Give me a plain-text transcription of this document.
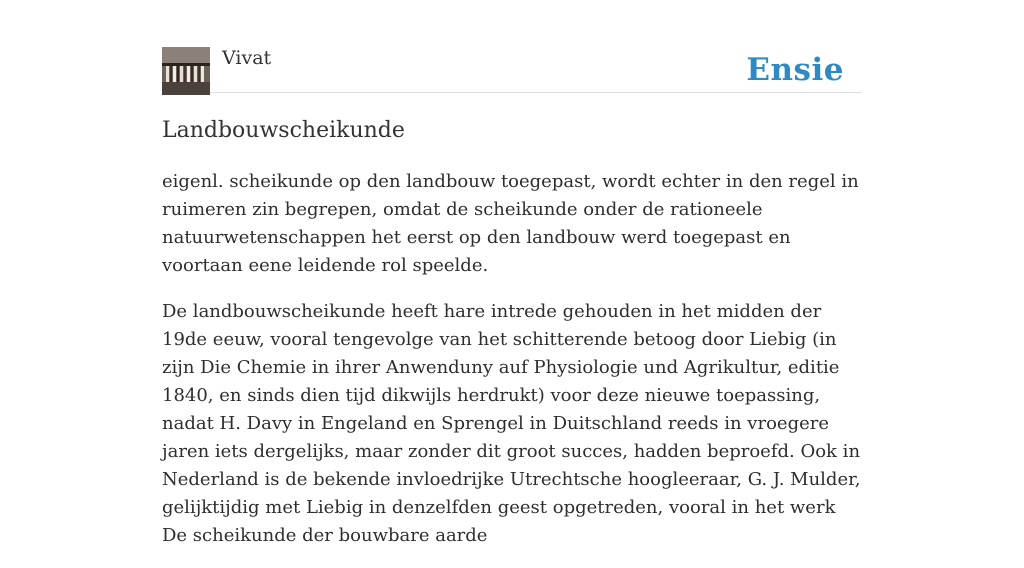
Vivat	Ensie
Landbouwscheikunde

eigenl. scheikunde op den landbouw toegepast, wordt echter in den regel in ruimeren zin begrepen, omdat de scheikunde onder de rationeele natuurwetenschappen het eerst op den landbouw werd toegepast en voortaan eene leidende rol speelde.

De landbouwscheikunde heeft hare intrede gehouden in het midden der 19de eeuw, vooral tengevolge van het schitterende betoog door Liebig (in zijn Die Chemie in ihrer Anwenduny auf Physiologie und Agrikultur, editie 1840, en sinds dien tijd dikwijls herdrukt) voor deze nieuwe toepassing, nadat H. Davy in Engeland en Sprengel in Duitschland reeds in vroegere jaren iets dergelijks, maar zonder dit groot succes, hadden beproefd. Ook in Nederland is de bekende invloedrijke Utrechtsche hoogleeraar, G. J. Mulder, gelijktijdig met Liebig in denzelfden geest opgetreden, vooral in het werk De scheikunde der bouwbare aarde
